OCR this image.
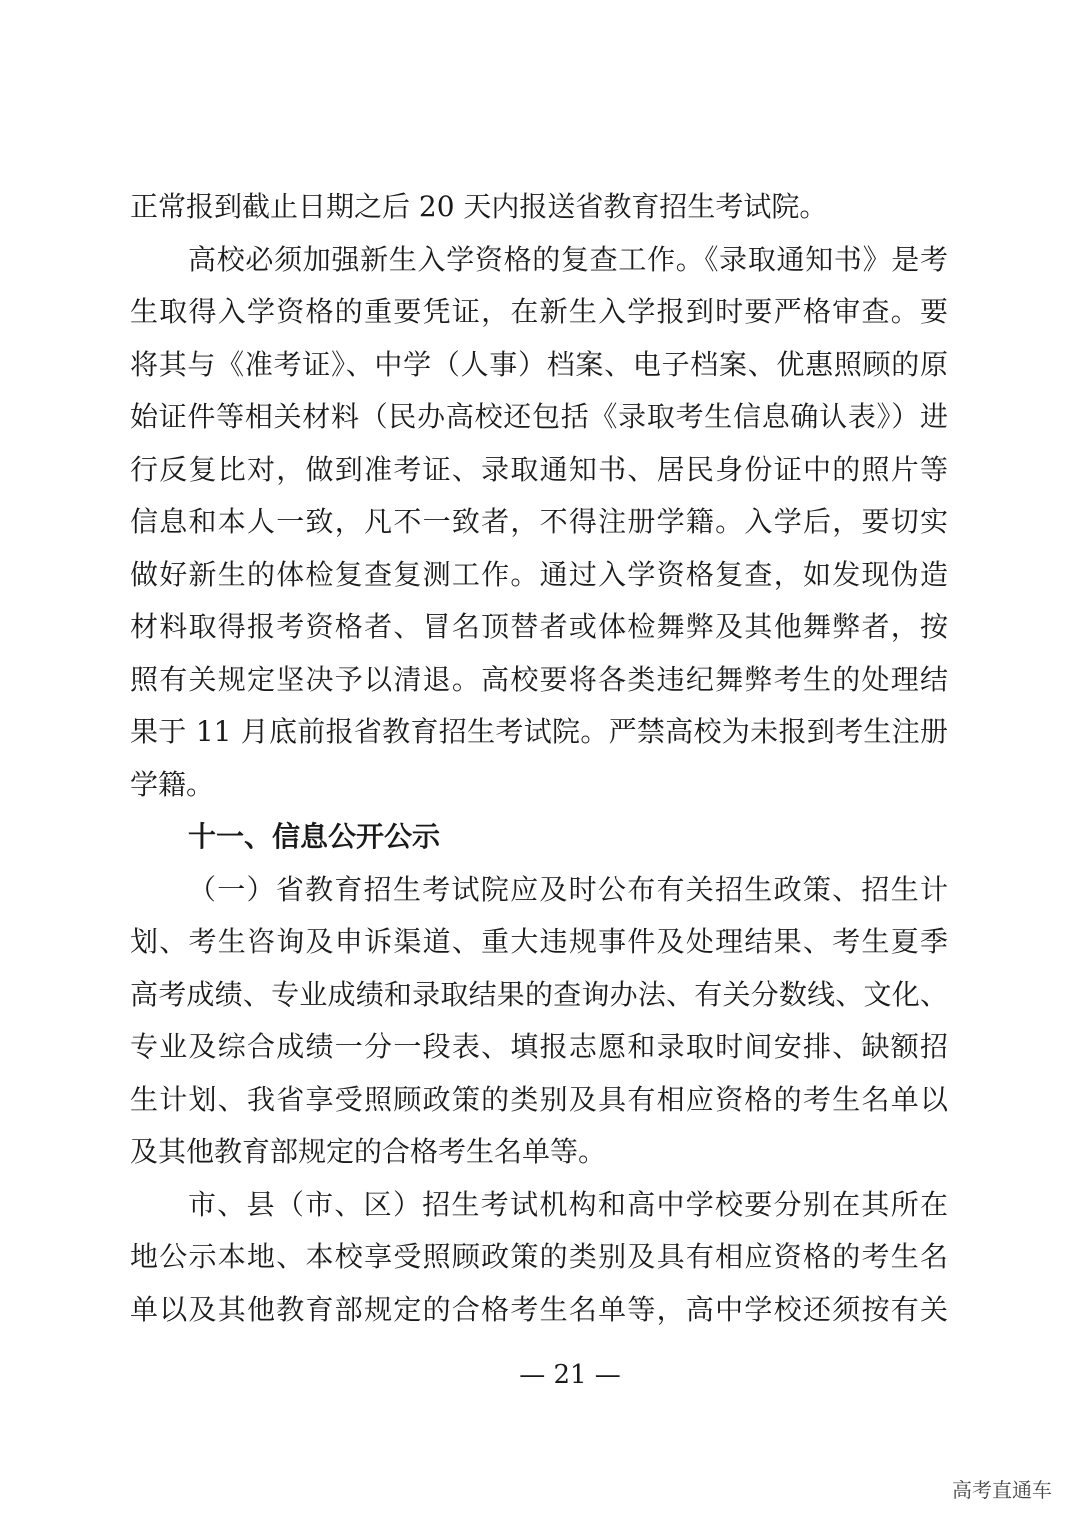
正常报到截止日期之后 20 天内报送省教育招生考试院。
高校必须加强新生入学资格的复查工作。《录取通知书》是考
生取得入学资格的重要凭证，在新生入学报到时要严格审查。要
将其与《准考证》、中学（人事）档案、电子档案、优惠照顾的原
始证件等相关材料（民办高校还包括《录取考生信息确认表》）进
行反复比对，做到准考证、录取通知书、居民身份证中的照片等
信息和本人一致，凡不一致者，不得注册学籍。入学后，要切实
做好新生的体检复查复测工作。通过入学资格复查，如发现伪造
材料取得报考资格者、冒名顶替者或体检舞弊及其他舞弊者，按
照有关规定坚决予以清退。高校要将各类违纪舞弊考生的处理结
果于 11 月底前报省教育招生考试院。严禁高校为未报到考生注册
学籍。
十一、信息公开公示
（一）省教育招生考试院应及时公布有关招生政策、招生计
划、考生咨询及申诉渠道、重大违规事件及处理结果、考生夏季
高考成绩、专业成绩和录取结果的查询办法、有关分数线、文化、
专业及综合成绩一分一段表、填报志愿和录取时间安排、缺额招
生计划、我省享受照顾政策的类别及具有相应资格的考生名单以
及其他教育部规定的合格考生名单等。
市、县（市、区）招生考试机构和高中学校要分别在其所在
地公示本地、本校享受照顾政策的类别及具有相应资格的考生名
单以及其他教育部规定的合格考生名单等，高中学校还须按有关
— 21 —
高考直通车
